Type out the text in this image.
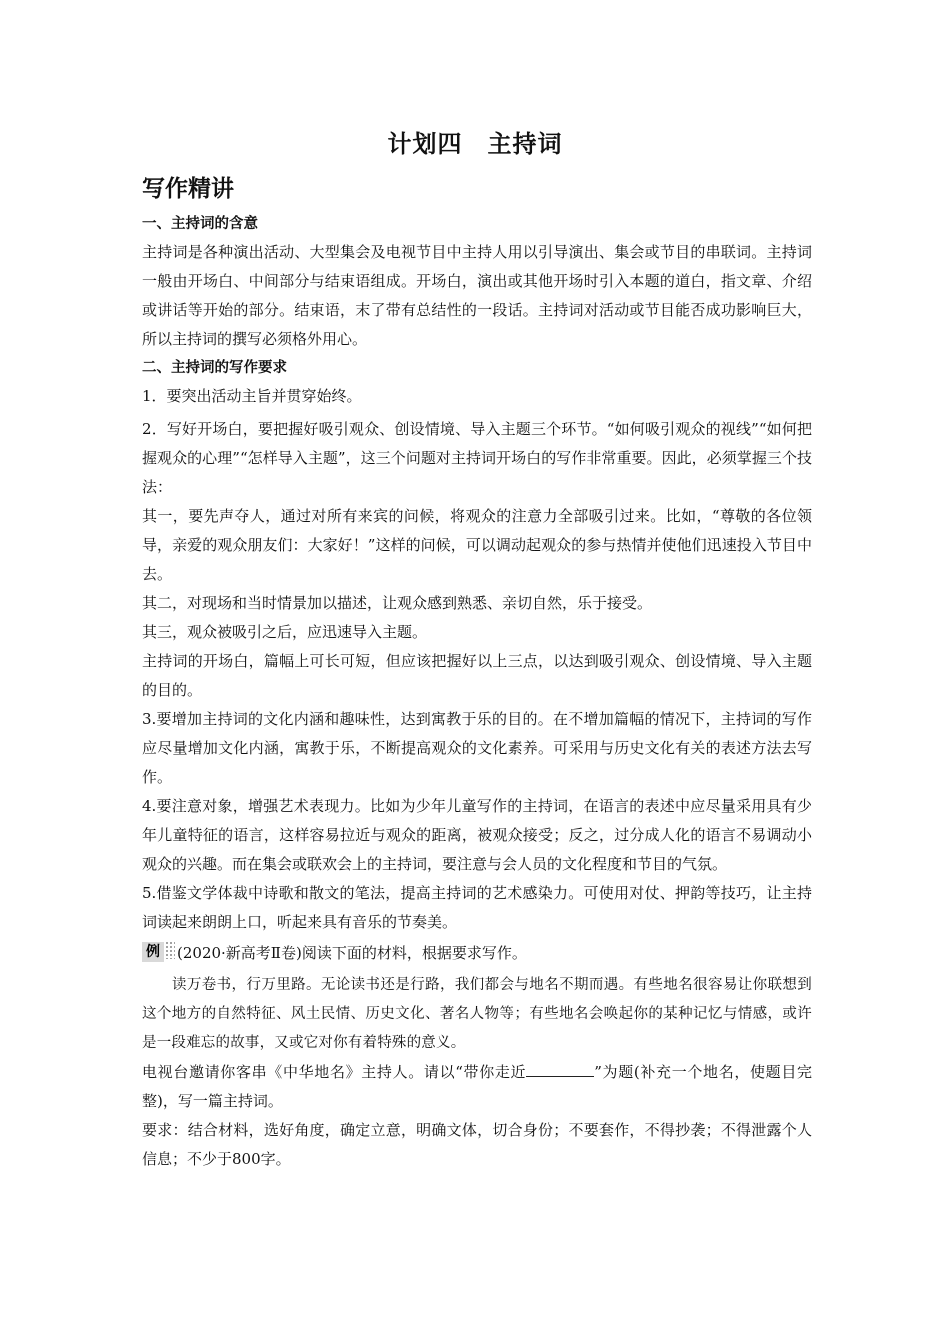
计划四　主持词
写作精讲
一、主持词的含意
主持词是各种演出活动、大型集会及电视节目中主持人用以引导演出、集会或节目的串联词。主持词一般由开场白、中间部分与结束语组成。开场白，演出或其他开场时引入本题的道白，指文章、介绍或讲话等开始的部分。结束语，末了带有总结性的一段话。主持词对活动或节目能否成功影响巨大，所以主持词的撰写必须格外用心。
二、主持词的写作要求
1．要突出活动主旨并贯穿始终。
2．写好开场白，要把握好吸引观众、创设情境、导入主题三个环节。“如何吸引观众的视线”“如何把握观众的心理”“怎样导入主题”，这三个问题对主持词开场白的写作非常重要。因此，必须掌握三个技法：
其一，要先声夺人，通过对所有来宾的问候，将观众的注意力全部吸引过来。比如，“尊敬的各位领导，亲爱的观众朋友们：大家好！”这样的问候，可以调动起观众的参与热情并使他们迅速投入节目中去。
其二，对现场和当时情景加以描述，让观众感到熟悉、亲切自然，乐于接受。
其三，观众被吸引之后，应迅速导入主题。
主持词的开场白，篇幅上可长可短，但应该把握好以上三点，以达到吸引观众、创设情境、导入主题的目的。
3.要增加主持词的文化内涵和趣味性，达到寓教于乐的目的。在不增加篇幅的情况下，主持词的写作应尽量增加文化内涵，寓教于乐，不断提高观众的文化素养。可采用与历史文化有关的表述方法去写作。
4.要注意对象，增强艺术表现力。比如为少年儿童写作的主持词，在语言的表述中应尽量采用具有少年儿童特征的语言，这样容易拉近与观众的距离，被观众接受；反之，过分成人化的语言不易调动小观众的兴趣。而在集会或联欢会上的主持词，要注意与会人员的文化程度和节目的气氛。
5.借鉴文学体裁中诗歌和散文的笔法，提高主持词的艺术感染力。可使用对仗、押韵等技巧，让主持词读起来朗朗上口，听起来具有音乐的节奏美。
例 (2020·新高考Ⅱ卷)阅读下面的材料，根据要求写作。
读万卷书，行万里路。无论读书还是行路，我们都会与地名不期而遇。有些地名很容易让你联想到这个地方的自然特征、风土民情、历史文化、著名人物等；有些地名会唤起你的某种记忆与情感，或许是一段难忘的故事，又或它对你有着特殊的意义。
电视台邀请你客串《中华地名》主持人。请以“带你走近	”为题(补充一个地名，使题目完整)，写一篇主持词。
要求：结合材料，选好角度，确定立意，明确文体，切合身份；不要套作，不得抄袭；不得泄露个人信息；不少于800字。
